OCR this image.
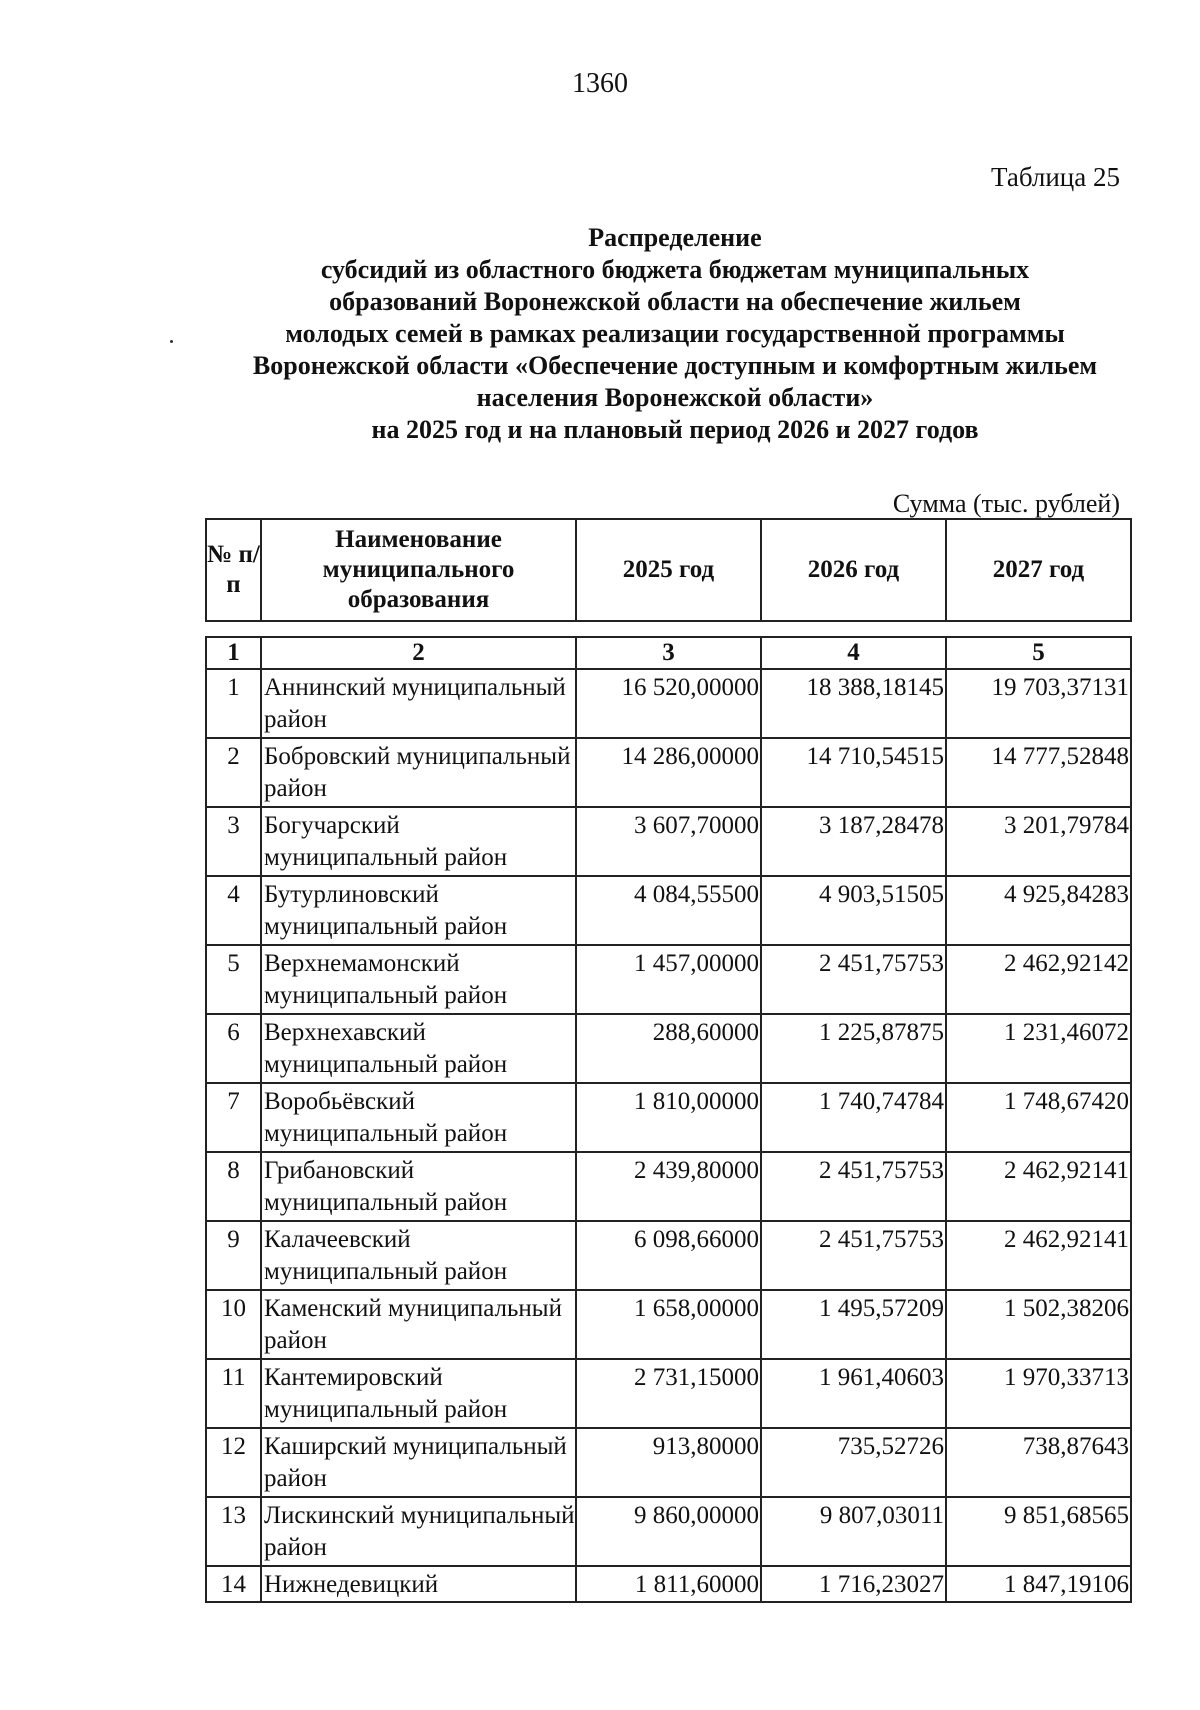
1360
Таблица 25
Распределение
субсидий из областного бюджета бюджетам муниципальных
образований Воронежской области на обеспечение жильем
молодых семей в рамках реализации государственной программы
Воронежской области «Обеспечение доступным и комфортным жильем
населения Воронежской области»
на 2025 год и на плановый период 2026 и 2027 годов
Сумма (тыс. рублей)
№ п/п	Наименование муниципального образования	2025 год	2026 год	2027 год
1	2	3	4	5
1	Аннинский муниципальный район	16 520,00000	18 388,18145	19 703,37131
2	Бобровский муниципальный район	14 286,00000	14 710,54515	14 777,52848
3	Богучарский муниципальный район	3 607,70000	3 187,28478	3 201,79784
4	Бутурлиновский муниципальный район	4 084,55500	4 903,51505	4 925,84283
5	Верхнемамонский муниципальный район	1 457,00000	2 451,75753	2 462,92142
6	Верхнехавский муниципальный район	288,60000	1 225,87875	1 231,46072
7	Воробьёвский муниципальный район	1 810,00000	1 740,74784	1 748,67420
8	Грибановский муниципальный район	2 439,80000	2 451,75753	2 462,92141
9	Калачеевский муниципальный район	6 098,66000	2 451,75753	2 462,92141
10	Каменский муниципальный район	1 658,00000	1 495,57209	1 502,38206
11	Кантемировский муниципальный район	2 731,15000	1 961,40603	1 970,33713
12	Каширский муниципальный район	913,80000	735,52726	738,87643
13	Лискинский муниципальный район	9 860,00000	9 807,03011	9 851,68565
14	Нижнедевицкий	1 811,60000	1 716,23027	1 847,19106
